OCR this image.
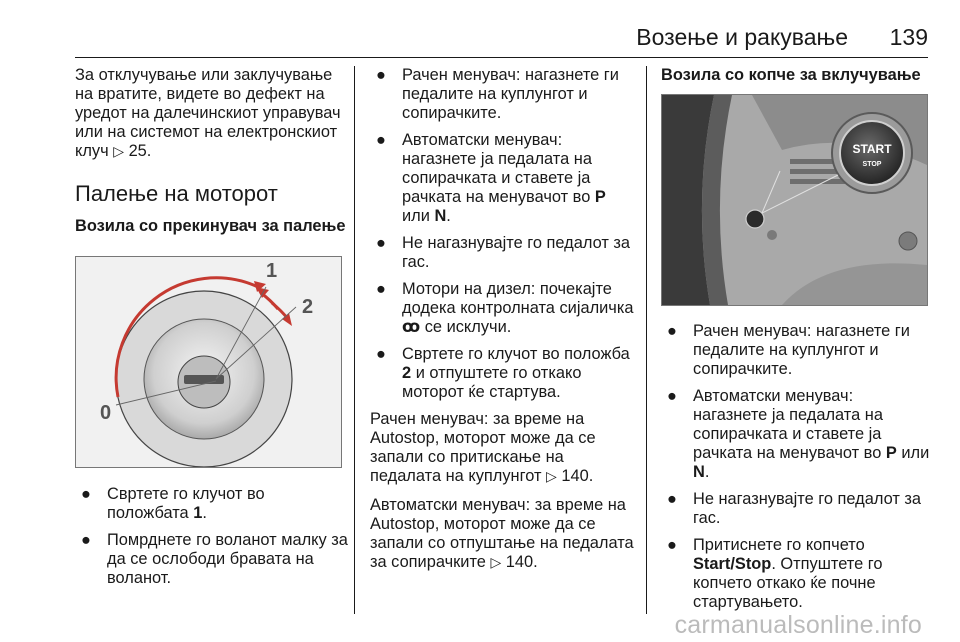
Возење и ракување 139

За отклучување или заклучување на вратите, видете во дефект на уредот на далечинскиот управувач или на системот на електронскиот клуч ▷ 25.

Палење на моторот
Возила со прекинувач за палење
0
1
2
● Свртете го клучот во положбата 1.
● Помрднете го воланот малку за да се ослободи бравата на воланот.
● Рачен менувач: нагазнете ги педалите на куплунгот и сопирачките.
● Автоматски менувач: нагазнете ја педалата на сопирачката и ставете ја рачката на менувачот во P или N.
● Не нагазнувајте го педалот за гас.
● Мотори на дизел: почекајте додека контролната сијаличка ꝏ се исклучи.
● Свртете го клучот во положба 2 и отпуштете го откако моторот ќе стартува.

Рачен менувач: за време на Autostop, моторот може да се запали со притискање на педалата на куплунгот ▷ 140.

Автоматски менувач: за време на Autostop, моторот може да се запали со отпуштање на педалата за сопирачките ▷ 140.

Возила со копче за вклучување
START
STOP
● Рачен менувач: нагазнете ги педалите на куплунгот и сопирачките.
● Автоматски менувач: нагазнете ја педалата на сопирачката и ставете ја рачката на менувачот во P или N.
● Не нагазнувајте го педалот за гас.
● Притиснете го копчето Start/Stop. Отпуштете го копчето откако ќе почне стартувањето.
carmanualsonline.info
